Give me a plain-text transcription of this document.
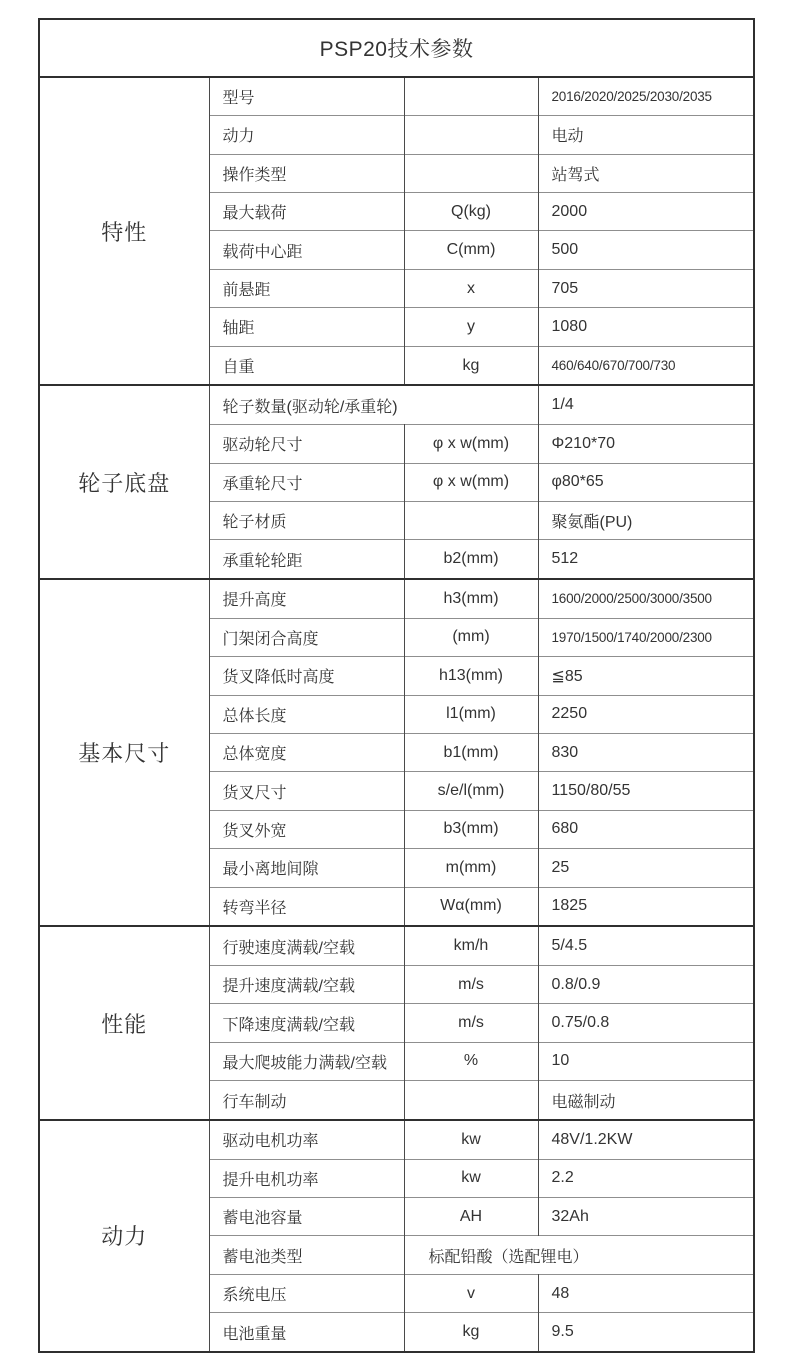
PSP20技术参数			
特性	型号		2016/2020/2025/2030/2035
	动力		电动
	操作类型		站驾式
	最大载荷	Q(kg)	2000
	载荷中心距	C(mm)	500
	前悬距	x	705
	轴距	y	1080
	自重	kg	460/640/670/700/730
轮子底盘	轮子数量(驱动轮/承重轮)		1/4
	驱动轮尺寸	φ x w(mm)	Φ210*70
	承重轮尺寸	φ x w(mm)	φ80*65
	轮子材质		聚氨酯(PU)
	承重轮轮距	b2(mm)	512
基本尺寸	提升高度	h3(mm)	1600/2000/2500/3000/3500
	门架闭合高度	(mm)	1970/1500/1740/2000/2300
	货叉降低时高度	h13(mm)	≦85
	总体长度	l1(mm)	2250
	总体宽度	b1(mm)	830
	货叉尺寸	s/e/l(mm)	1150/80/55
	货叉外宽	b3(mm)	680
	最小离地间隙	m(mm)	25
	转弯半径	Wα(mm)	1825
性能	行驶速度满载/空载	km/h	5/4.5
	提升速度满载/空载	m/s	0.8/0.9
	下降速度满载/空载	m/s	0.75/0.8
	最大爬坡能力满载/空载	%	10
	行车制动		电磁制动
动力	驱动电机功率	kw	48V/1.2KW
	提升电机功率	kw	2.2
	蓄电池容量	AH	32Ah
	蓄电池类型	标配铅酸（选配锂电）	
	系统电压	v	48
	电池重量	kg	9.5
